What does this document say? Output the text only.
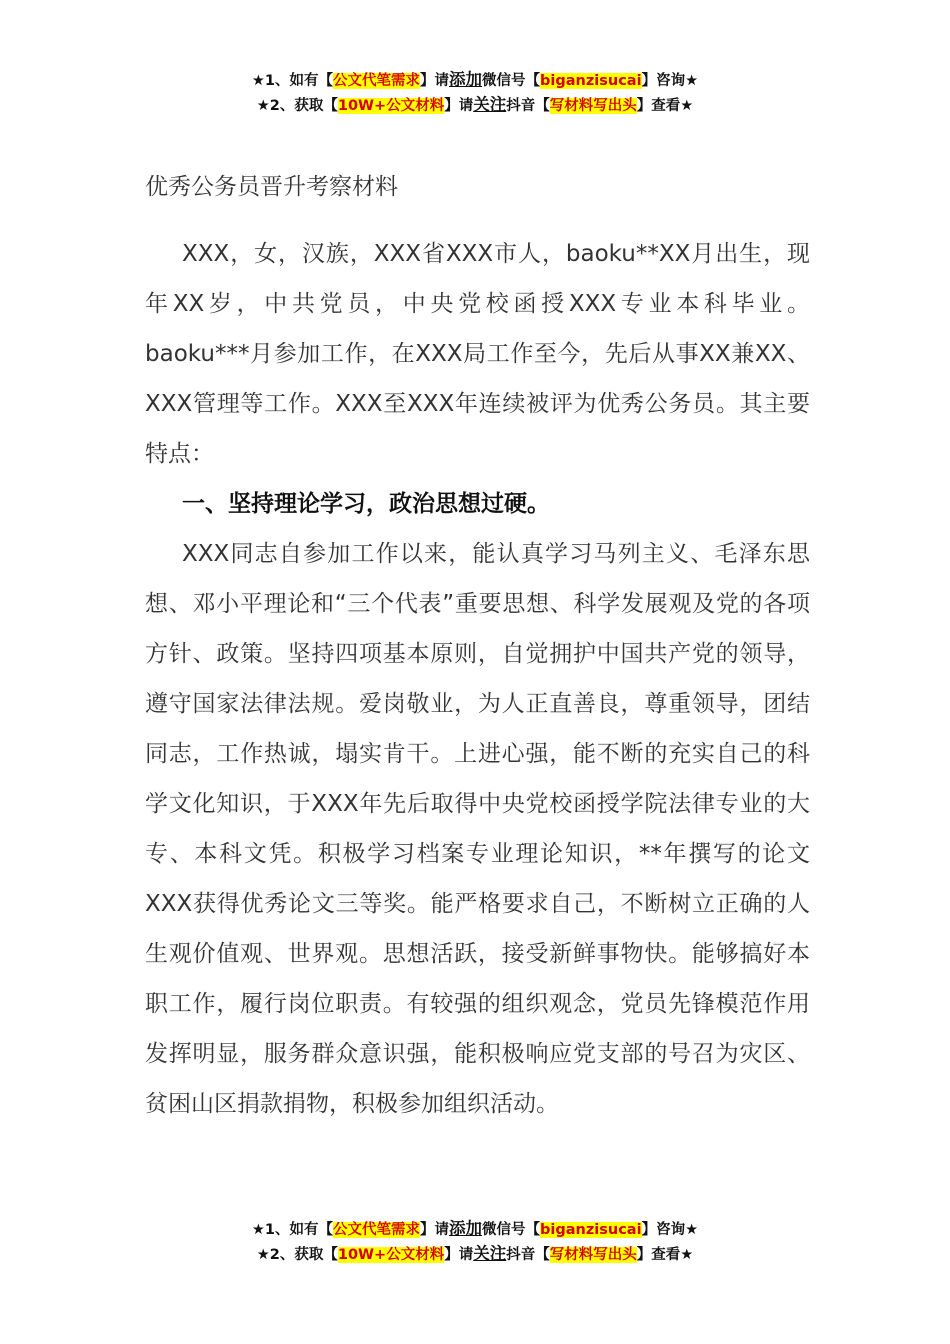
★1、如有【公文代笔需求】请添加微信号【biganzisucai】咨询★
★2、获取【10W+公文材料】请关注抖音【写材料写出头】查看★

优秀公务员晋升考察材料

XXX，女，汉族，XXX省XXX市人，baoku**XX月出生，现年XX岁，中共党员，中央党校函授XXX专业本科毕业。baoku***月参加工作，在XXX局工作至今，先后从事XX兼XX、XXX管理等工作。XXX至XXX年连续被评为优秀公务员。其主要特点：

一、坚持理论学习，政治思想过硬。

XXX同志自参加工作以来，能认真学习马列主义、毛泽东思想、邓小平理论和“三个代表”重要思想、科学发展观及党的各项方针、政策。坚持四项基本原则，自觉拥护中国共产党的领导，遵守国家法律法规。爱岗敬业，为人正直善良，尊重领导，团结同志，工作热诚，塌实肯干。上进心强，能不断的充实自己的科学文化知识，于XXX年先后取得中央党校函授学院法律专业的大专、本科文凭。积极学习档案专业理论知识，**年撰写的论文XXX获得优秀论文三等奖。能严格要求自己，不断树立正确的人生观价值观、世界观。思想活跃，接受新鲜事物快。能够搞好本职工作，履行岗位职责。有较强的组织观念，党员先锋模范作用发挥明显，服务群众意识强，能积极响应党支部的号召为灾区、贫困山区捐款捐物，积极参加组织活动。

★1、如有【公文代笔需求】请添加微信号【biganzisucai】咨询★
★2、获取【10W+公文材料】请关注抖音【写材料写出头】查看★
